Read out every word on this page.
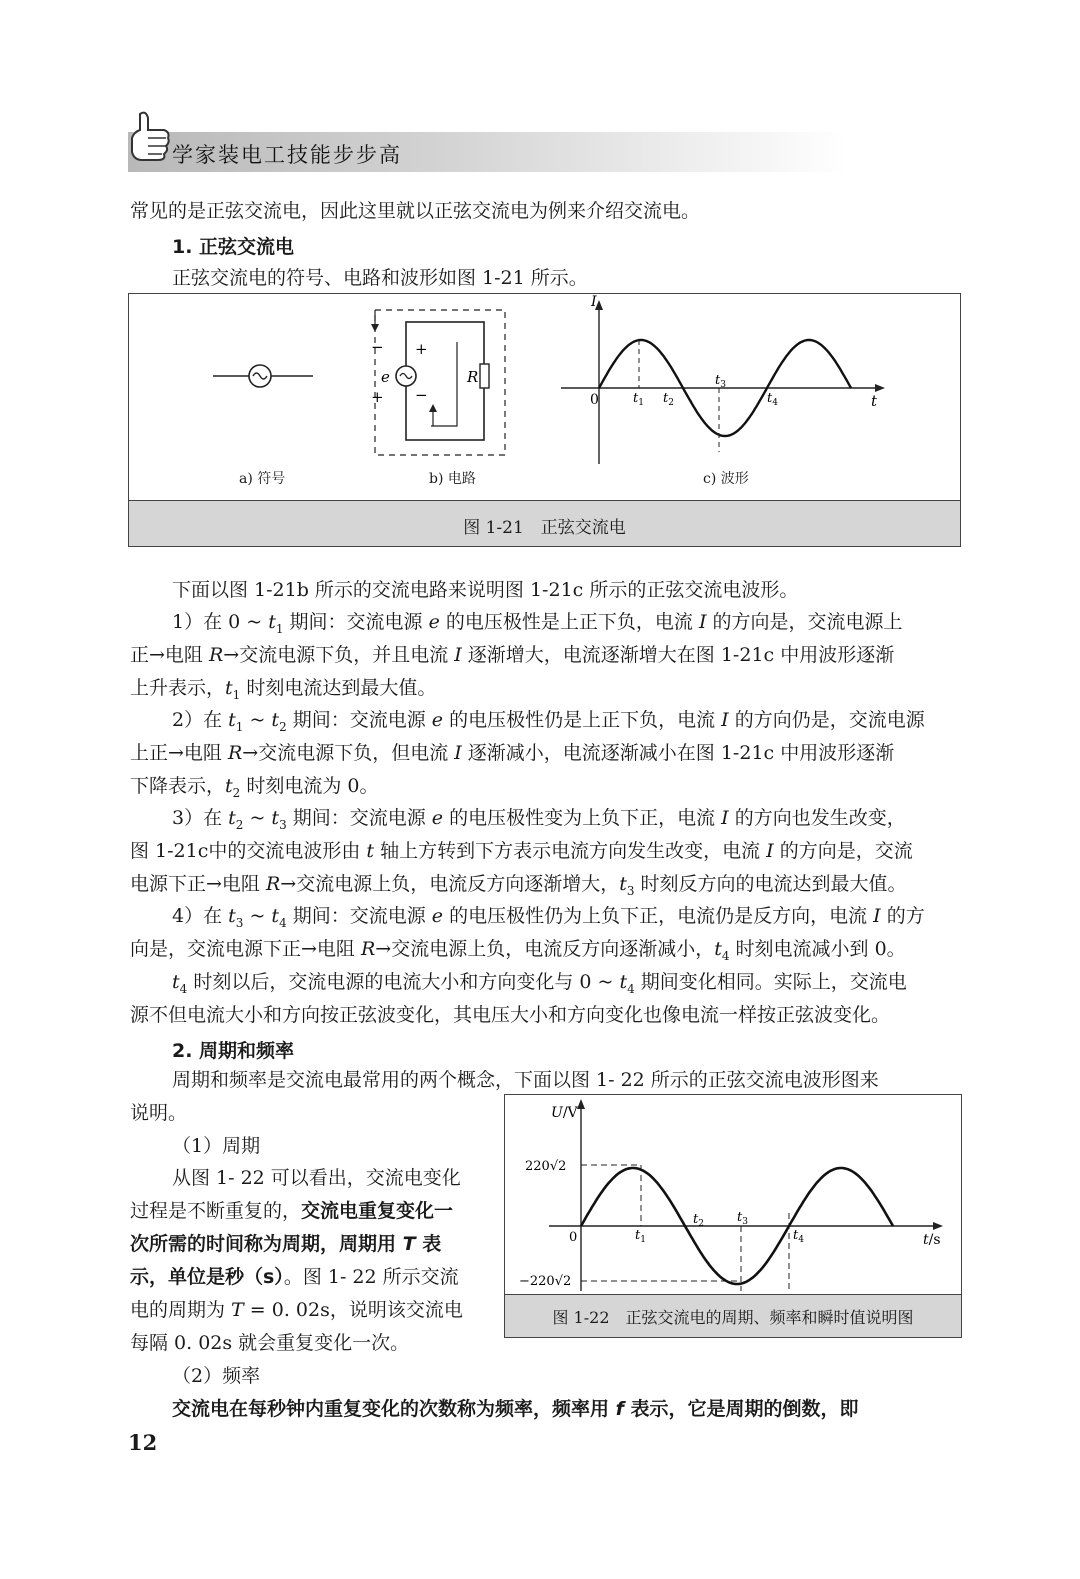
学家装电工技能步步高

常见的是正弦交流电，因此这里就以正弦交流电为例来介绍交流电。

1. 正弦交流电

正弦交流电的符号、电路和波形如图 1-21 所示。

+
−
+ −
e	R
I
0	t
$t_1$ $t_2$
$t_3$
$t_4$
a) 符号	b) 电路	c) 波形
图 1-21　正弦交流电

下面以图 1-21b 所示的交流电路来说明图 1-21c 所示的正弦交流电波形。

1）在 0 ~ $t_1$ 期间：交流电源 e 的电压极性是上正下负，电流 I 的方向是，交流电源上

正→电阻 R→交流电源下负，并且电流 I 逐渐增大，电流逐渐增大在图 1-21c 中用波形逐渐

上升表示，$t_1$ 时刻电流达到最大值。

2）在 $t_1$ ~ $t_2$ 期间：交流电源 e 的电压极性仍是上正下负，电流 I 的方向仍是，交流电源

上正→电阻 R→交流电源下负，但电流 I 逐渐减小，电流逐渐减小在图 1-21c 中用波形逐渐

下降表示，$t_2$ 时刻电流为 0。

3）在 $t_2$ ~ $t_3$ 期间：交流电源 e 的电压极性变为上负下正，电流 I 的方向也发生改变，

图 1-21c中的交流电波形由 t 轴上方转到下方表示电流方向发生改变，电流 I 的方向是，交流

电源下正→电阻 R→交流电源上负，电流反方向逐渐增大，$t_3$ 时刻反方向的电流达到最大值。

4）在 $t_3$ ~ $t_4$ 期间：交流电源 e 的电压极性仍为上负下正，电流仍是反方向，电流 I 的方

向是，交流电源下正→电阻 R→交流电源上负，电流反方向逐渐减小，$t_4$ 时刻电流减小到 0。

$t_4$ 时刻以后，交流电源的电流大小和方向变化与 0 ~ $t_4$ 期间变化相同。实际上，交流电

源不但电流大小和方向按正弦波变化，其电压大小和方向变化也像电流一样按正弦波变化。

2. 周期和频率

周期和频率是交流电最常用的两个概念，下面以图 1- 22 所示的正弦交流电波形图来

说明。

（1）周期

从图 1- 22 可以看出，交流电变化

过程是不断重复的，交流电重复变化一

次所需的时间称为周期，周期用 T 表

示，单位是秒（s）。图 1- 22 所示交流

电的周期为 T = 0. 02s，说明该交流电

每隔 0. 02s 就会重复变化一次。

（2）频率

交流电在每秒钟内重复变化的次数称为频率，频率用 f 表示，它是周期的倒数，即

U/V
t/s
220√2
−220√2
0	$t_1$
$t_2$	$t_3$
$t_4$
图 1-22　正弦交流电的周期、频率和瞬时值说明图
12
